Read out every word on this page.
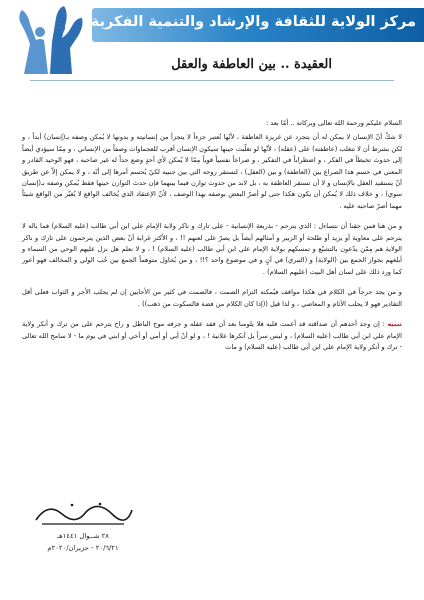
مركز الولاية للثقافة والإرشاد والتنمية الفكرية
العقيدة .. بين العاطفة والعقل

السلام عليكم ورحمة الله تعالى وبركاته .. أمّا بعد :

لا شكّ أنّ الإنسان لا يمكن له أن يتجرد عن غريزة العاطفة ، لأنّها تُعتبر جزءاً لا يتجزأ من إنسانيته و بدونها لا يُمكن وصفه بـ(إنسان) أبداً ، و لكن بشرط أن لا تتغلب (عاطفته) على (عقله) ، لأنّها لو تغلّبت حينها سيكون الإنسان أقرب للعجماوات وصفاً من الإنساني ، و مِمّا سيؤدي أيضاً إلى حدوث تخبطاً في الفكر ، و اضطراباً في التفكير ، و صراعاً نفسياً قوياً مِمّا لا يُمكن لأي أحدٍ وضع حداً له غير صاحبه ، فهو الوحيد القادر و المعني في حسم هذا الصراع بين (العاطفة) و بين (العقل) ، لتستقر روحه التي بين جنبيه لكيّ يُحسم أمرها إلى أنّه ، و لا يمكن إلاّ عن طريق أنّ يستقيد العقل بالإنسان و لا أن تستقر العاطفة به ، بل لابد من حدوث توازن فيما بينهما فإن حدث التوازن حينها فقط يُمكن وصفه بـ(إنسان سوي) ، و خلاف ذلك لا يُمكن أن يكون هكذا حتى لو أصرّ البعض بوصفه بهذا الوصف ، لأنّ الإعتقاد الذي يُخالف الواقع لا يُغيّر من الواقع شيئاً مهما أصرّ صاحبه عليه .

و من هنا فمن حقنا أن نتساءل : الذي يترحم - بذريعة الإنسانية - على تارك و ناكر ولاية الإمام علي ابن أبي طالب (عليه السلام) فما باله لا يترحم على معاوية أو يزيد أو طلحة أو الزبير و أمثالهم أيضاً بل يصرّ على لعنهم !! ، و الأكثر غرابة أنّ بعض الذين يترحمون على تارك و ناكر الولاية هم مِمّن يدّعون بالتشيّع و تمسكهم بولاية الإمام علي ابن أبي طالب (عليه السلام) ! ، و لا نعلم هل نزل عليهم الوحي من السماء و أبلغهم بجواز الجمع بين (الولاية) و (التبري) في آنٍ و في موضوع واحد ؟!! ، و من يُحاول متوهماً الجمع بين حُب الولي و المخالف فهو أعور كما ورد ذلك على لسان أهل البيت (عليهم السلام) .

و من يجد حرجاً في الكلام في هكذا مواقف فيُمكنه التزام الصمت ، فالصمت في كثير من الأحايين إن لم يجلب الأجر و الثواب فعلى أقل التقادير فهو لا يجلب الآثام و المعاصي ، و لذا قيل ((إذا كان الكلام من فضة فالسكوت من ذهب)) .

تنبيه : إن وجد أحدهم أن صداقته قد أعمت قلبه فلا يلومنا بعد أن فقد عقله و جرفه موج الباطل و راح يترحم على من ترك و أنكر ولاية الإمام علي ابن أبي طالب (عليه السلام) ، و ليس سراً بل أنكرها علانية ! ، و لو أنّ أبي أو أمي أو أخي أو ابني في يوم ما - لا سامح الله تعالى - ترك و أنكر ولاية الإمام علي ابن أبي طالب (عليه السلام) و مات

٢٨ شــوال ١٤٤١هـ
٢٠/٦/٢١ - حزيران/٢٠٢٠م
